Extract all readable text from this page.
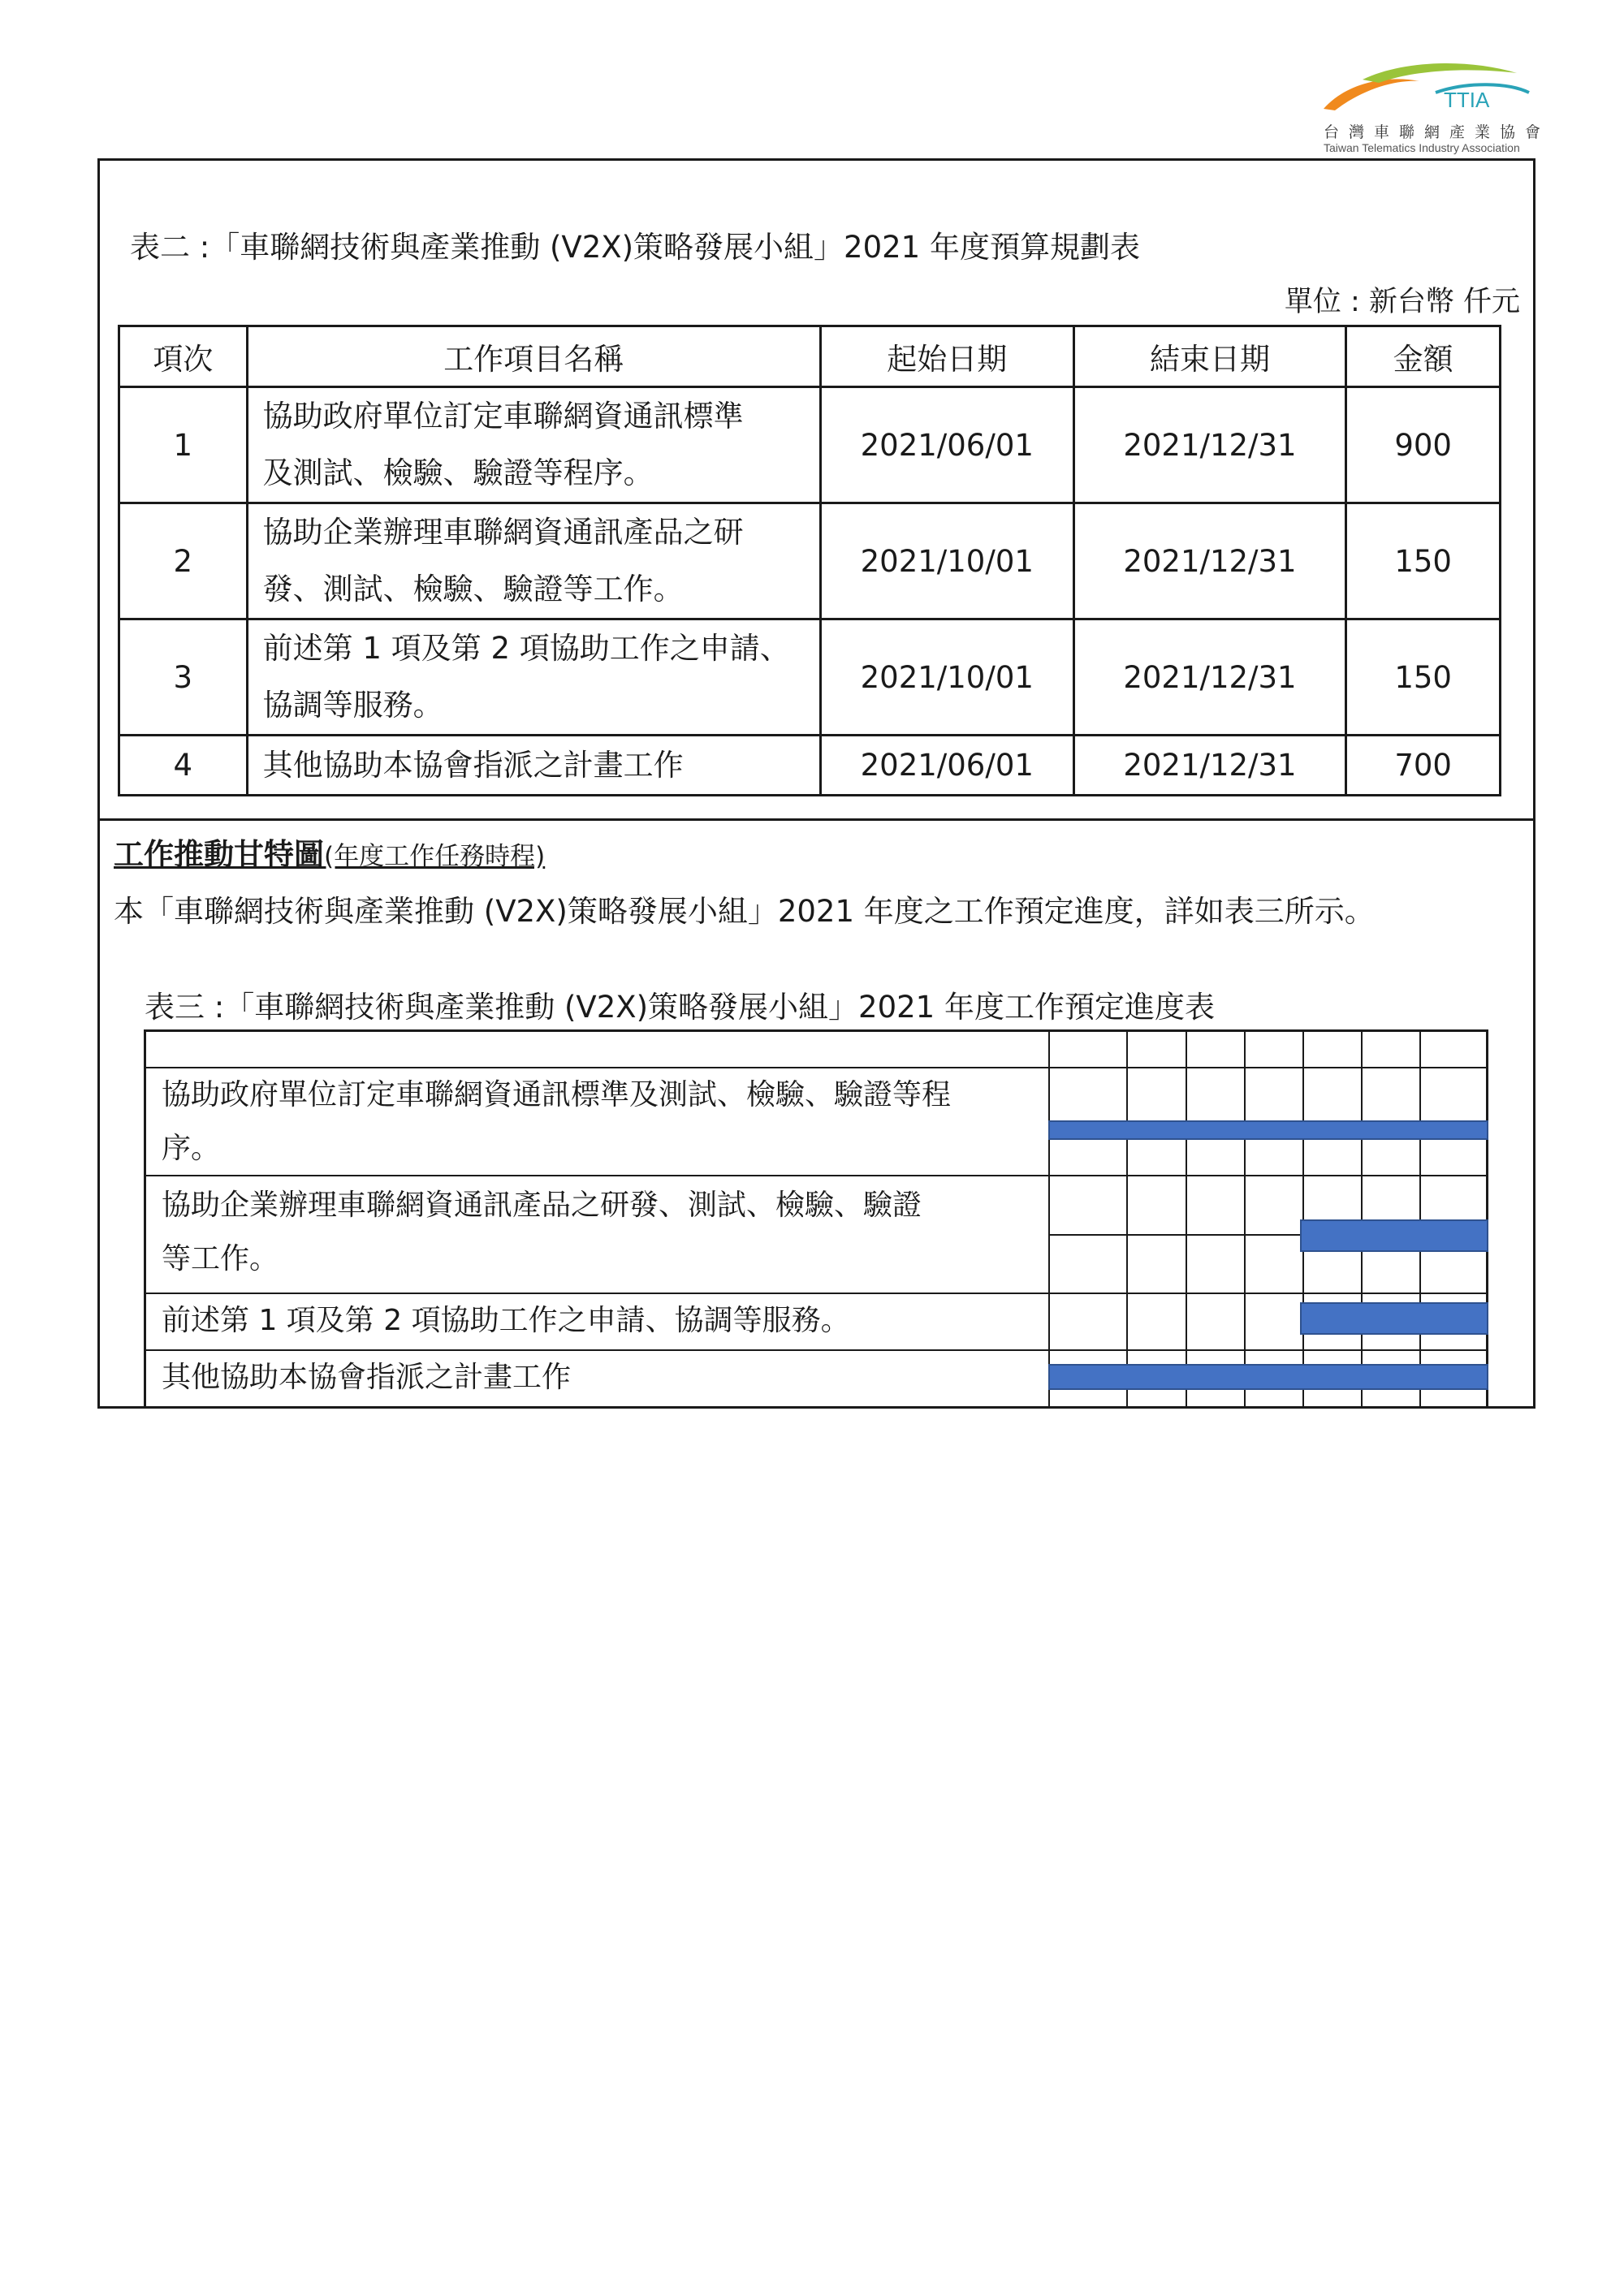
TTIA
台灣車聯網產業協會
Taiwan Telematics Industry Association
表二 :「車聯網技術與產業推動 (V2X)策略發展小組」2021 年度預算規劃表
單位 : 新台幣 仟元
項次	工作項目名稱	起始日期	結束日期	金額
1	協助政府單位訂定車聯網資通訊標準
及測試、檢驗、驗證等程序。	2021/06/01	2021/12/31	900
2	協助企業辦理車聯網資通訊產品之研
發、測試、檢驗、驗證等工作。	2021/10/01	2021/12/31	150
3	前述第 1 項及第 2 項協助工作之申請、
協調等服務。	2021/10/01	2021/12/31	150
4	其他協助本協會指派之計畫工作	2021/06/01	2021/12/31	700
工作推動甘特圖(年度工作任務時程)
本「車聯網技術與產業推動 (V2X)策略發展小組」2021 年度之工作預定進度，詳如表三所示。
表三 :「車聯網技術與產業推動 (V2X)策略發展小組」2021 年度工作預定進度表
協助政府單位訂定車聯網資通訊標準及測試、檢驗、驗證等程
序。
協助企業辦理車聯網資通訊產品之研發、測試、檢驗、驗證
等工作。
前述第 1 項及第 2 項協助工作之申請、協調等服務。
其他協助本協會指派之計畫工作
